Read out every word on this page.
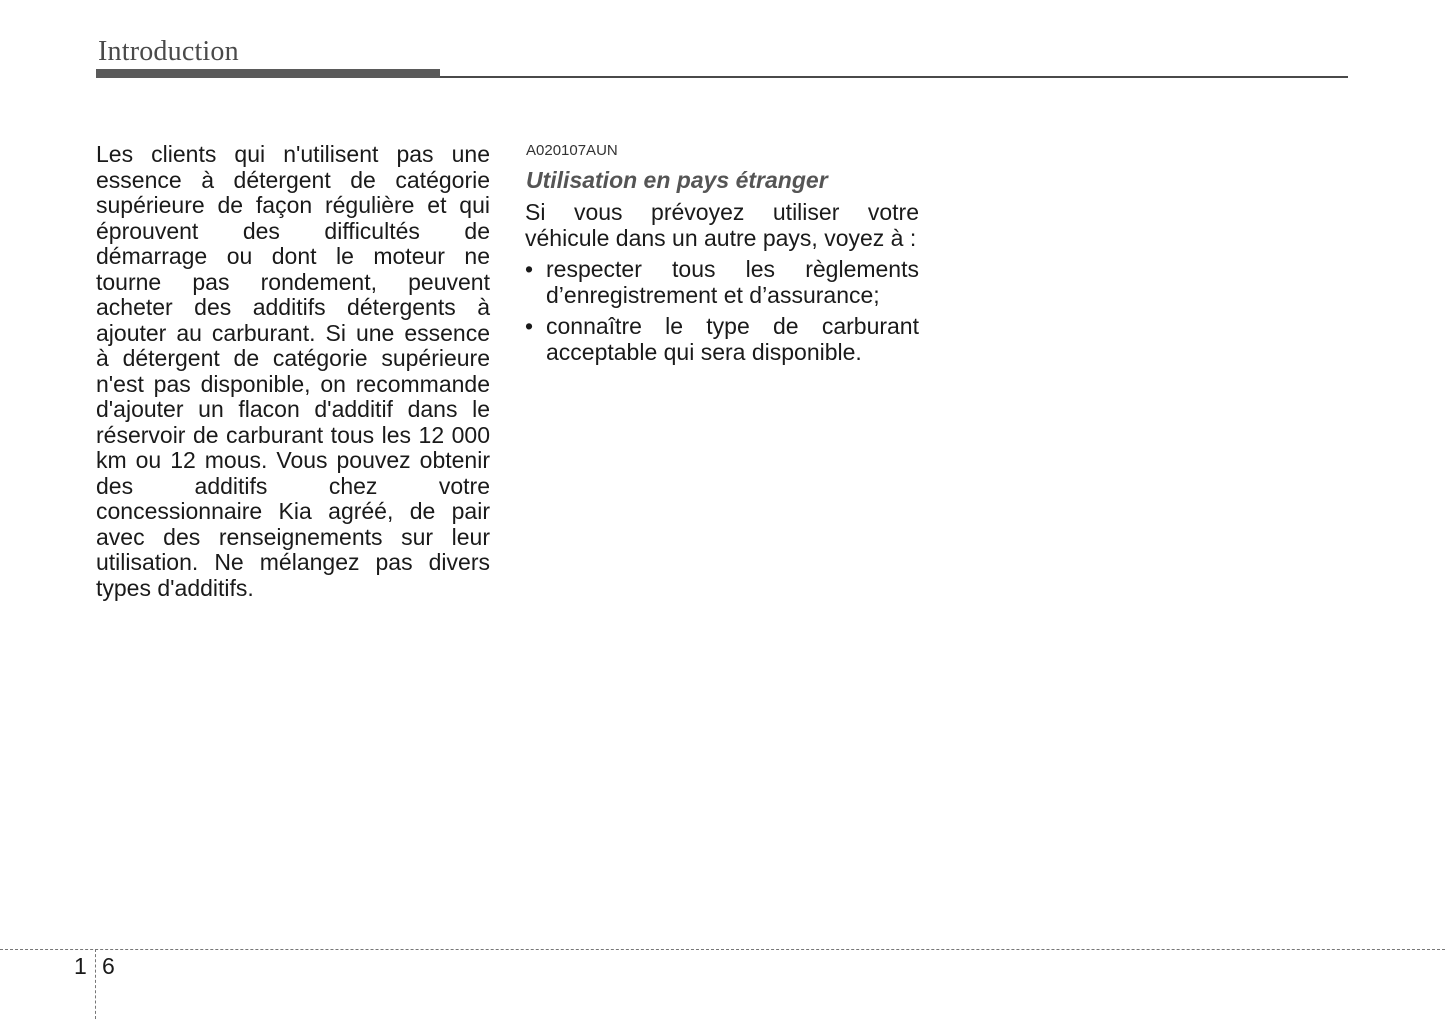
Introduction

Les clients qui n'utilisent pas une essence à détergent de catégorie supérieure de façon régulière et qui éprouvent des difficultés de démarrage ou dont le moteur ne tourne pas rondement, peuvent acheter des additifs détergents à ajouter au carburant. Si une essence à détergent de catégorie supérieure n'est pas disponible, on recommande d'ajouter un flacon d'additif dans le réservoir de carburant tous les 12 000 km ou 12 mous. Vous pouvez obtenir des additifs chez votre concessionnaire Kia agréé, de pair avec des renseignements sur leur utilisation. Ne mélangez pas divers types d'additifs.

A020107AUN
Utilisation en pays étranger

Si vous prévoyez utiliser votre véhicule dans un autre pays, voyez à :

• respecter tous les règlements d’enregistrement et d’assurance;
• connaître le type de carburant acceptable qui sera disponible.
1 6
